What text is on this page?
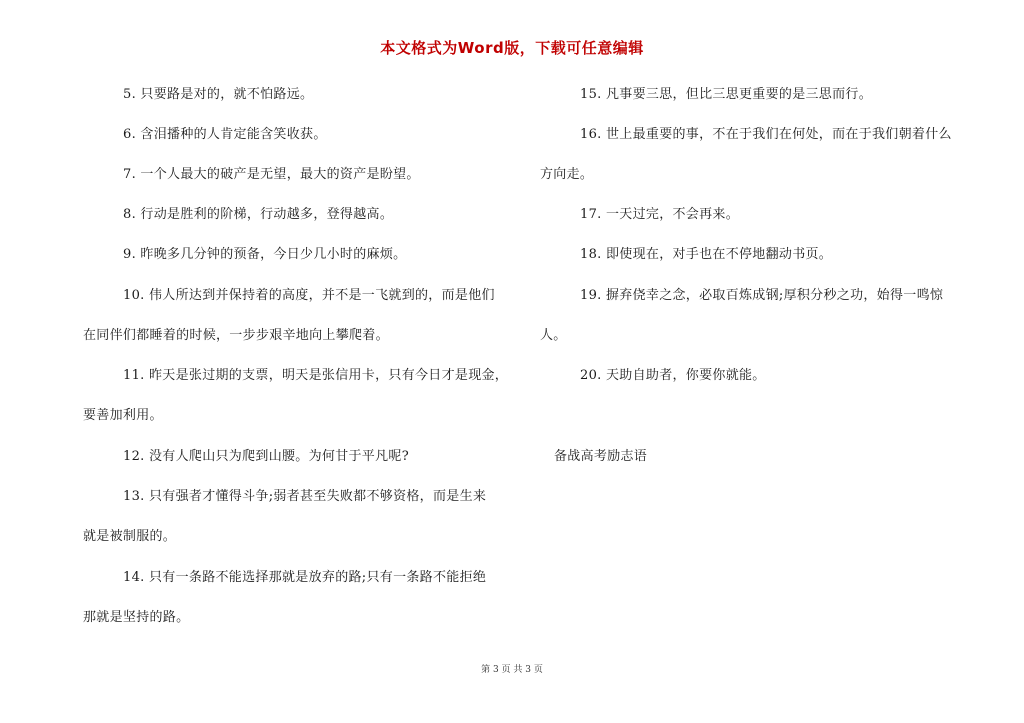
本文格式为Word版，下载可任意编辑
5. 只要路是对的，就不怕路远。
6. 含泪播种的人肯定能含笑收获。
7. 一个人最大的破产是无望，最大的资产是盼望。
8. 行动是胜利的阶梯，行动越多，登得越高。
9. 昨晚多几分钟的预备，今日少几小时的麻烦。
10. 伟人所达到并保持着的高度，并不是一飞就到的，而是他们
在同伴们都睡着的时候，一步步艰辛地向上攀爬着。
11. 昨天是张过期的支票，明天是张信用卡，只有今日才是现金，
要善加利用。
12. 没有人爬山只为爬到山腰。为何甘于平凡呢?
13. 只有强者才懂得斗争;弱者甚至失败都不够资格，而是生来
就是被制服的。
14. 只有一条路不能选择那就是放弃的路;只有一条路不能拒绝
那就是坚持的路。
15. 凡事要三思，但比三思更重要的是三思而行。
16. 世上最重要的事，不在于我们在何处，而在于我们朝着什么
方向走。
17. 一天过完，不会再来。
18. 即使现在，对手也在不停地翻动书页。
19. 摒弃侥幸之念，必取百炼成钢;厚积分秒之功，始得一鸣惊
人。
20. 天助自助者，你要你就能。
备战高考励志语
第 3 页 共 3 页
